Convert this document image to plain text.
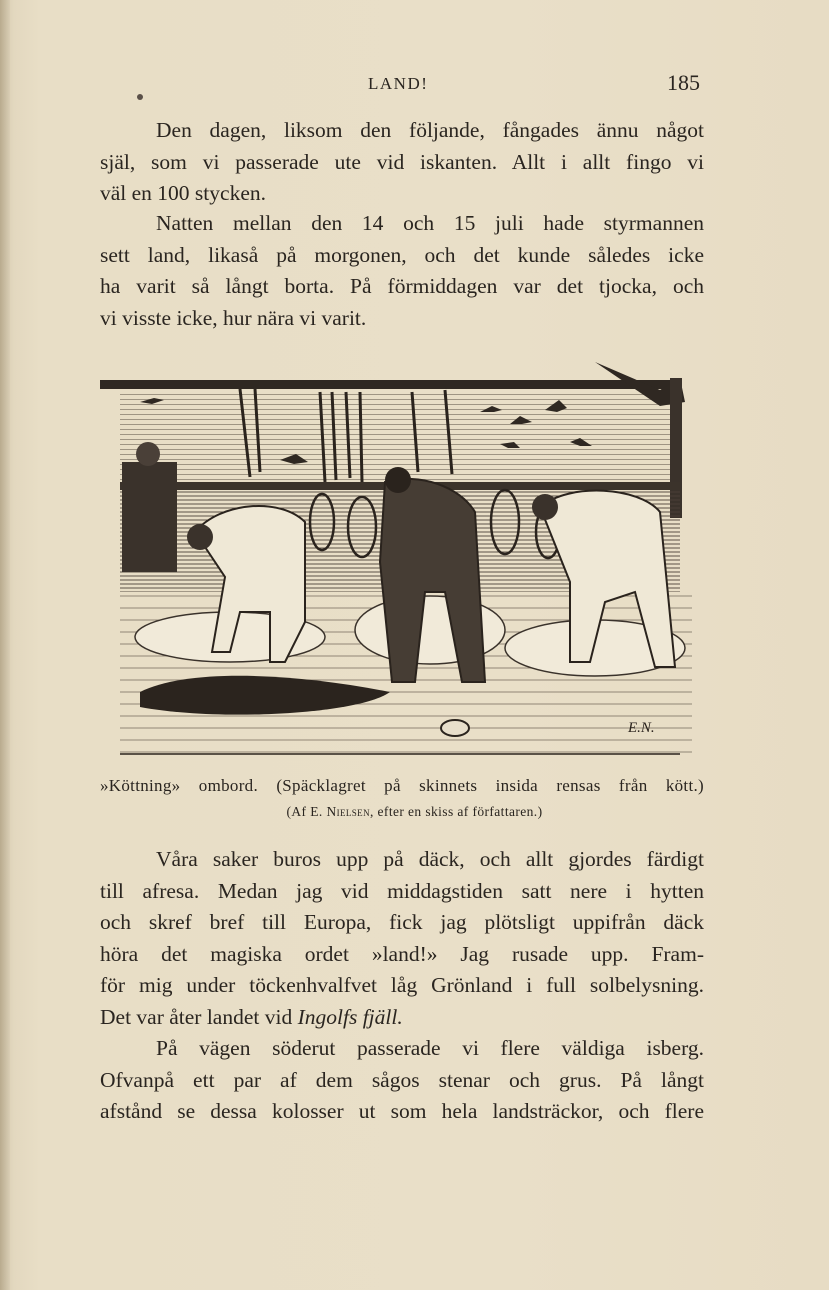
LAND!	185
Den dagen, liksom den följande, fångades ännu något
själ, som vi passerade ute vid iskanten. Allt i allt fingo vi
väl en 100 stycken.
Natten mellan den 14 och 15 juli hade styrmannen
sett land, likaså på morgonen, och det kunde således icke
ha varit så långt borta. På förmiddagen var det tjocka, och
vi visste icke, hur nära vi varit.
E.N.
»Köttning» ombord. (Späcklagret på skinnets insida rensas från kött.)
(Af E. Nielsen, efter en skiss af författaren.)
Våra saker buros upp på däck, och allt gjordes färdigt
till afresa. Medan jag vid middagstiden satt nere i hytten
och skref bref till Europa, fick jag plötsligt uppifrån däck
höra det magiska ordet »land!» Jag rusade upp. Fram-
för mig under töckenhvalfvet låg Grönland i full solbelysning.
Det var åter landet vid Ingolfs fjäll.
På vägen söderut passerade vi flere väldiga isberg.
Ofvanpå ett par af dem sågos stenar och grus. På långt
afstånd se dessa kolosser ut som hela landsträckor, och flere
